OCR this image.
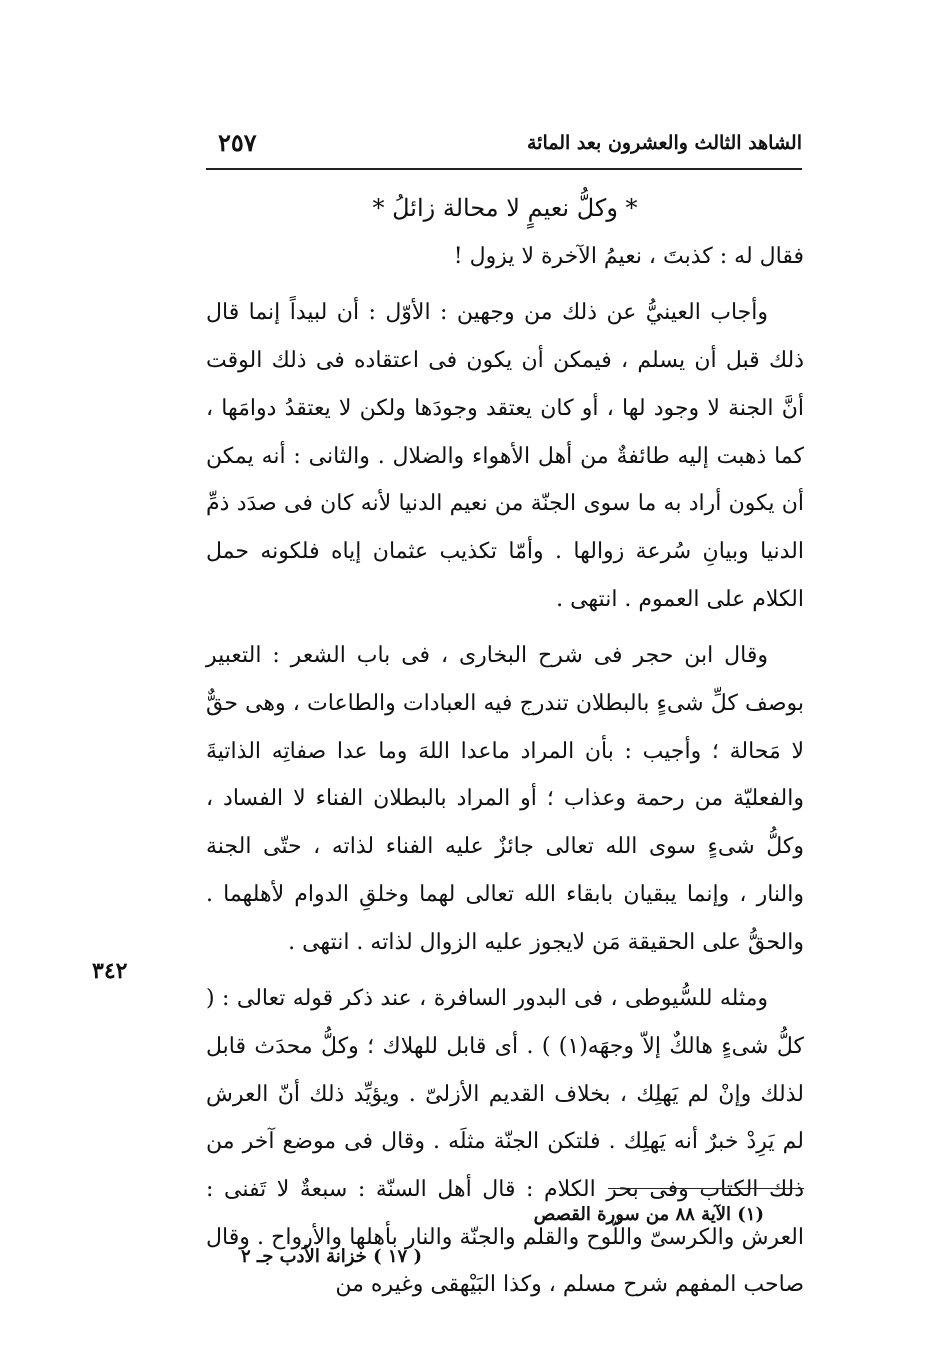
الشاهد الثالث والعشرون بعد المائة
٢٥٧

* وكلُّ نعيمٍ لا محالة زائلُ *

فقال له : كذبتَ ، نعيمُ الآخرة لا يزول !

وأجاب العينيُّ عن ذلك من وجهين : الأوّل : أن لبيداً إنما قال ذلك قبل أن يسلم ، فيمكن أن يكون فى اعتقاده فى ذلك الوقت أنَّ الجنة لا وجود لها ، أو كان يعتقد وجودَها ولكن لا يعتقدُ دوامَها ، كما ذهبت إليه طائفةٌ من أهل الأهواء والضلال . والثانى : أنه يمكن أن يكون أراد به ما سوى الجنّة من نعيم الدنيا لأنه كان فى صدَد ذمِّ الدنيا وبيانِ سُرعة زوالها . وأمّا تكذيب عثمان إياه فلكونه حمل الكلام على العموم . انتهى .

وقال ابن حجر فى شرح البخارى ، فى باب الشعر : التعبير بوصف كلِّ شىءٍ بالبطلان تندرج فيه العبادات والطاعات ، وهى حقٌّ لا مَحالة ؛ وأجيب : بأن المراد ماعدا اللهَ وما عدا صفاتِه الذاتيةَ والفعليّة من رحمة وعذاب ؛ أو المراد بالبطلان الفناء لا الفساد ، وكلُّ شىءٍ سوى الله تعالى جائزٌ عليه الفناء لذاته ، حتّى الجنة والنار ، وإنما يبقيان بابقاء الله تعالى لهما وخلقِ الدوام لأهلهما . والحقُّ على الحقيقة مَن لايجوز عليه الزوال لذاته . انتهى .

ومثله للسُّيوطى ، فى البدور السافرة ، عند ذكر قوله تعالى : ( كلُّ شىءٍ هالكٌ إلاّ وجهَه(١) ) . أى قابل للهلاك ؛ وكلُّ محدَث قابل لذلك وإنْ لم يَهلِك ، بخلاف القديم الأزلىّ . ويؤيِّد ذلك أنّ العرش لم يَرِدْ خبرٌ أنه يَهلِك . فلتكن الجنّة مثلَه . وقال فى موضع آخر من ذلك الكتاب وفى بحر الكلام : قال أهل السنّة : سبعةٌ لا تَفنى : العرش والكرسىّ واللّوح والقلم والجنّة والنار بأهلها والأرواح . وقال صاحب المفهم شرح مسلم ، وكذا البَيْهقى وغيره من

٣٤٢
(١) الآية ٨٨ من سورة القصص
( ١٧ ) خزانة الأدب جـ ٢
